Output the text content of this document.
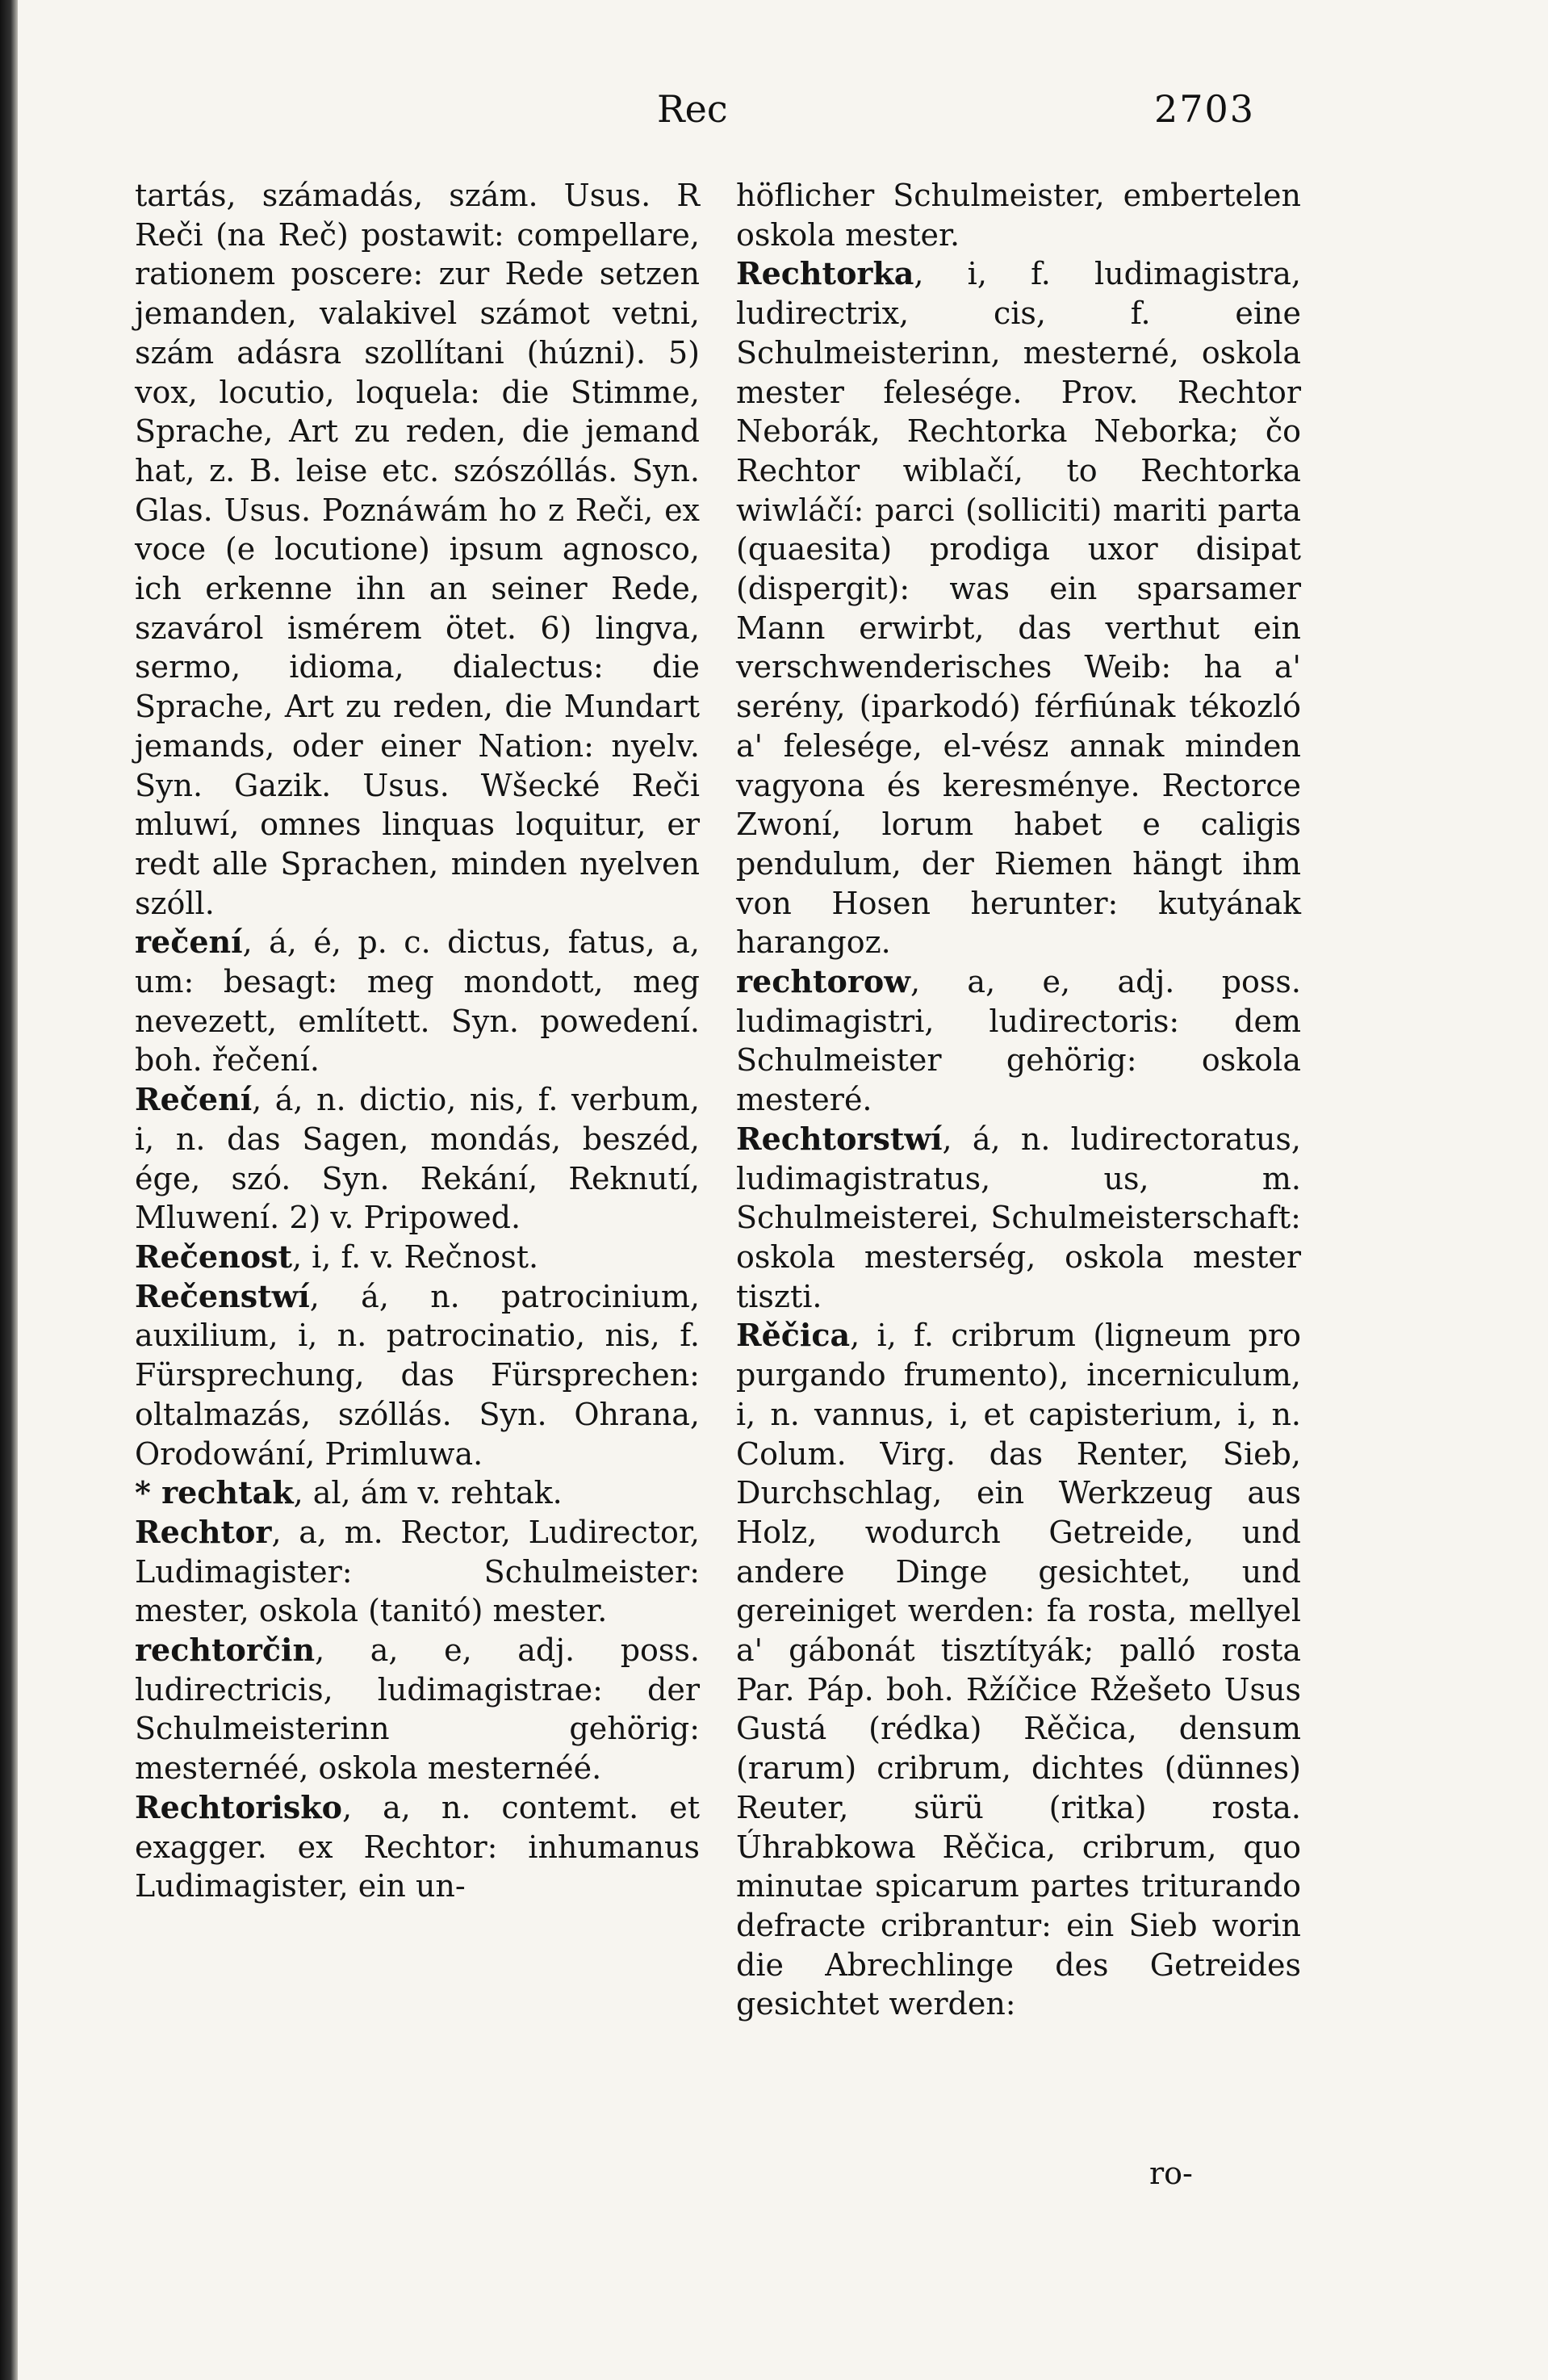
Rec	2703

tartás, számadás, szám. Usus. R Reči (na Reč) postawit: compellare, rationem poscere: zur Rede setzen jemanden, valakivel számot vetni, szám adásra szollítani (húzni). 5) vox, locutio, loquela: die Stimme, Sprache, Art zu reden, die jemand hat, z. B. leise etc. szószóllás. Syn. Glas. Usus. Poznáwám ho z Reči, ex voce (e locutione) ipsum agnosco, ich erkenne ihn an seiner Rede, szavárol ismérem ötet. 6) lingva, sermo, idioma, dialectus: die Sprache, Art zu reden, die Mundart jemands, oder einer Nation: nyelv. Syn. Gazik. Usus. Wšecké Reči mluwí, omnes linquas loquitur, er redt alle Sprachen, minden nyelven szóll.

rečení, á, é, p. c. dictus, fatus, a, um: besagt: meg mondott, meg nevezett, említett. Syn. powedení. boh. řečení.

Rečení, á, n. dictio, nis, f. verbum, i, n. das Sagen, mondás, beszéd, ége, szó. Syn. Rekání, Reknutí, Mluwení. 2) v. Pripowed.

Rečenost, i, f. v. Rečnost.

Rečenstwí, á, n. patrocinium, auxilium, i, n. patrocinatio, nis, f. Fürsprechung, das Fürsprechen: oltalmazás, szóllás. Syn. Ohrana, Orodowání, Primluwa.

* rechtak, al, ám v. rehtak.

Rechtor, a, m. Rector, Ludirector, Ludimagister: Schulmeister: mester, oskola (tanitó) mester.

rechtorčin, a, e, adj. poss. ludirectricis, ludimagistrae: der Schulmeisterinn gehörig: mesternéé, oskola mesternéé.

Rechtorisko, a, n. contemt. et exagger. ex Rechtor: inhumanus Ludimagister, ein un-

höflicher Schulmeister, embertelen oskola mester.

Rechtorka, i, f. ludimagistra, ludirectrix, cis, f. eine Schulmeisterinn, mesterné, oskola mester felesége. Prov. Rechtor Neborák, Rechtorka Neborka; čo Rechtor wiblačí, to Rechtorka wiwláčí: parci (solliciti) mariti parta (quaesita) prodiga uxor disipat (dispergit): was ein sparsamer Mann erwirbt, das verthut ein verschwenderisches Weib: ha a' serény, (iparkodó) férfiúnak tékozló a' felesége, el-vész annak minden vagyona és keresménye. Rectorce Zwoní, lorum habet e caligis pendulum, der Riemen hängt ihm von Hosen herunter: kutyának harangoz.

rechtorow, a, e, adj. poss. ludimagistri, ludirectoris: dem Schulmeister gehörig: oskola mesteré.

Rechtorstwí, á, n. ludirectoratus, ludimagistratus, us, m. Schulmeisterei, Schulmeisterschaft: oskola mesterség, oskola mester tiszti.

Rěčica, i, f. cribrum (ligneum pro purgando frumento), incerniculum, i, n. vannus, i, et capisterium, i, n. Colum. Virg. das Renter, Sieb, Durchschlag, ein Werkzeug aus Holz, wodurch Getreide, und andere Dinge gesichtet, und gereiniget werden: fa rosta, mellyel a' gábonát tisztítyák; palló rosta Par. Páp. boh. Ržíčice Ržešeto Usus Gustá (rédka) Rěčica, densum (rarum) cribrum, dichtes (dünnes) Reuter, sürü (ritka) rosta. Úhrabkowa Rěčica, cribrum, quo minutae spicarum partes triturando defracte cribrantur: ein Sieb worin die Abrechlinge des Getreides gesichtet werden:

ro-
